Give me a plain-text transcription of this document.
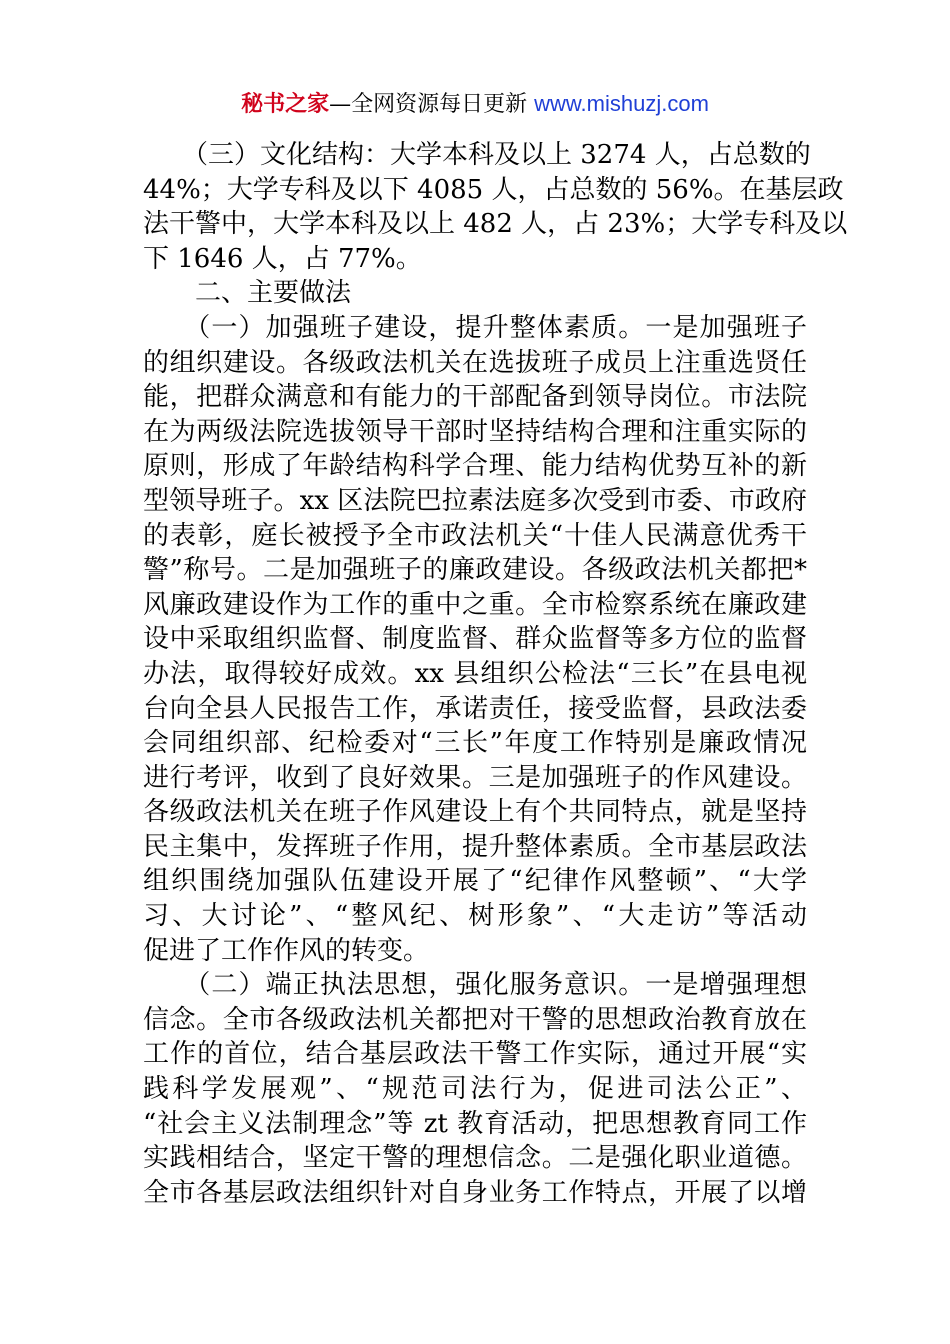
秘书之家—全网资源每日更新 www.mishuzj.com
　　（三）文化结构：大学本科及以上 3274 人，占总数的
44%；大学专科及以下 4085 人，占总数的 56%。在基层政
法干警中，大学本科及以上 482 人，占 23%；大学专科及以
下 1646 人，占 77%。
　　二、主要做法
　　（一）加强班子建设，提升整体素质。一是加强班子
的组织建设。各级政法机关在选拔班子成员上注重选贤任
能，把群众满意和有能力的干部配备到领导岗位。市法院
在为两级法院选拔领导干部时坚持结构合理和注重实际的
原则，形成了年龄结构科学合理、能力结构优势互补的新
型领导班子。xx 区法院巴拉素法庭多次受到市委、市政府
的表彰，庭长被授予全市政法机关“十佳人民满意优秀干
警”称号。二是加强班子的廉政建设。各级政法机关都把*
风廉政建设作为工作的重中之重。全市检察系统在廉政建
设中采取组织监督、制度监督、群众监督等多方位的监督
办法，取得较好成效。xx 县组织公检法“三长”在县电视
台向全县人民报告工作，承诺责任，接受监督，县政法委
会同组织部、纪检委对“三长”年度工作特别是廉政情况
进行考评，收到了良好效果。三是加强班子的作风建设。
各级政法机关在班子作风建设上有个共同特点，就是坚持
民主集中，发挥班子作用，提升整体素质。全市基层政法
组织围绕加强队伍建设开展了“纪律作风整顿”、“大学
习、大讨论”、“整风纪、树形象”、“大走访”等活动
促进了工作作风的转变。
　　（二）端正执法思想，强化服务意识。一是增强理想
信念。全市各级政法机关都把对干警的思想政治教育放在
工作的首位，结合基层政法干警工作实际，通过开展“实
践科学发展观”、“规范司法行为，促进司法公正”、
“社会主义法制理念”等 zt 教育活动，把思想教育同工作
实践相结合，坚定干警的理想信念。二是强化职业道德。
全市各基层政法组织针对自身业务工作特点，开展了以增
